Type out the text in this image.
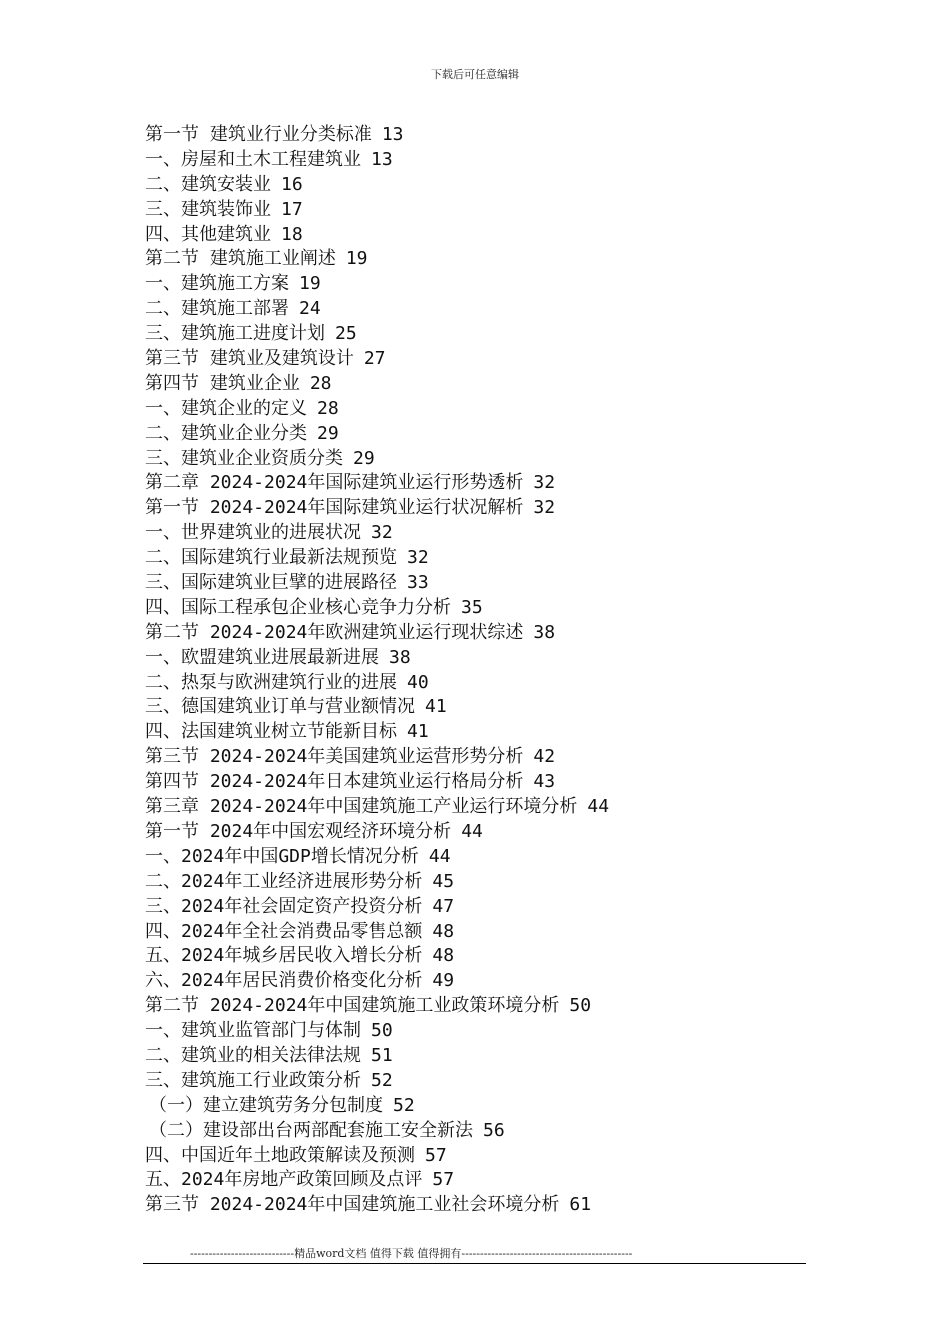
下载后可任意编辑
第一节 建筑业行业分类标准 13
一、房屋和土木工程建筑业 13
二、建筑安装业 16
三、建筑装饰业 17
四、其他建筑业 18
第二节 建筑施工业阐述 19
一、建筑施工方案 19
二、建筑施工部署 24
三、建筑施工进度计划 25
第三节 建筑业及建筑设计 27
第四节 建筑业企业 28
一、建筑企业的定义 28
二、建筑业企业分类 29
三、建筑业企业资质分类 29
第二章 2024-2024年国际建筑业运行形势透析 32
第一节 2024-2024年国际建筑业运行状况解析 32
一、世界建筑业的进展状况 32
二、国际建筑行业最新法规预览 32
三、国际建筑业巨擘的进展路径 33
四、国际工程承包企业核心竞争力分析 35
第二节 2024-2024年欧洲建筑业运行现状综述 38
一、欧盟建筑业进展最新进展 38
二、热泵与欧洲建筑行业的进展 40
三、德国建筑业订单与营业额情况 41
四、法国建筑业树立节能新目标 41
第三节 2024-2024年美国建筑业运营形势分析 42
第四节 2024-2024年日本建筑业运行格局分析 43
第三章 2024-2024年中国建筑施工产业运行环境分析 44
第一节 2024年中国宏观经济环境分析 44
一、2024年中国GDP增长情况分析 44
二、2024年工业经济进展形势分析 45
三、2024年社会固定资产投资分析 47
四、2024年全社会消费品零售总额 48
五、2024年城乡居民收入增长分析 48
六、2024年居民消费价格变化分析 49
第二节 2024-2024年中国建筑施工业政策环境分析 50
一、建筑业监管部门与体制 50
二、建筑业的相关法律法规 51
三、建筑施工行业政策分析 52
（一）建立建筑劳务分包制度 52
（二）建设部出台两部配套施工安全新法 56
四、中国近年土地政策解读及预测 57
五、2024年房地产政策回顾及点评 57
第三节 2024-2024年中国建筑施工业社会环境分析 61
----------------------------精品word文档 值得下载 值得拥有----------------------------------------------
